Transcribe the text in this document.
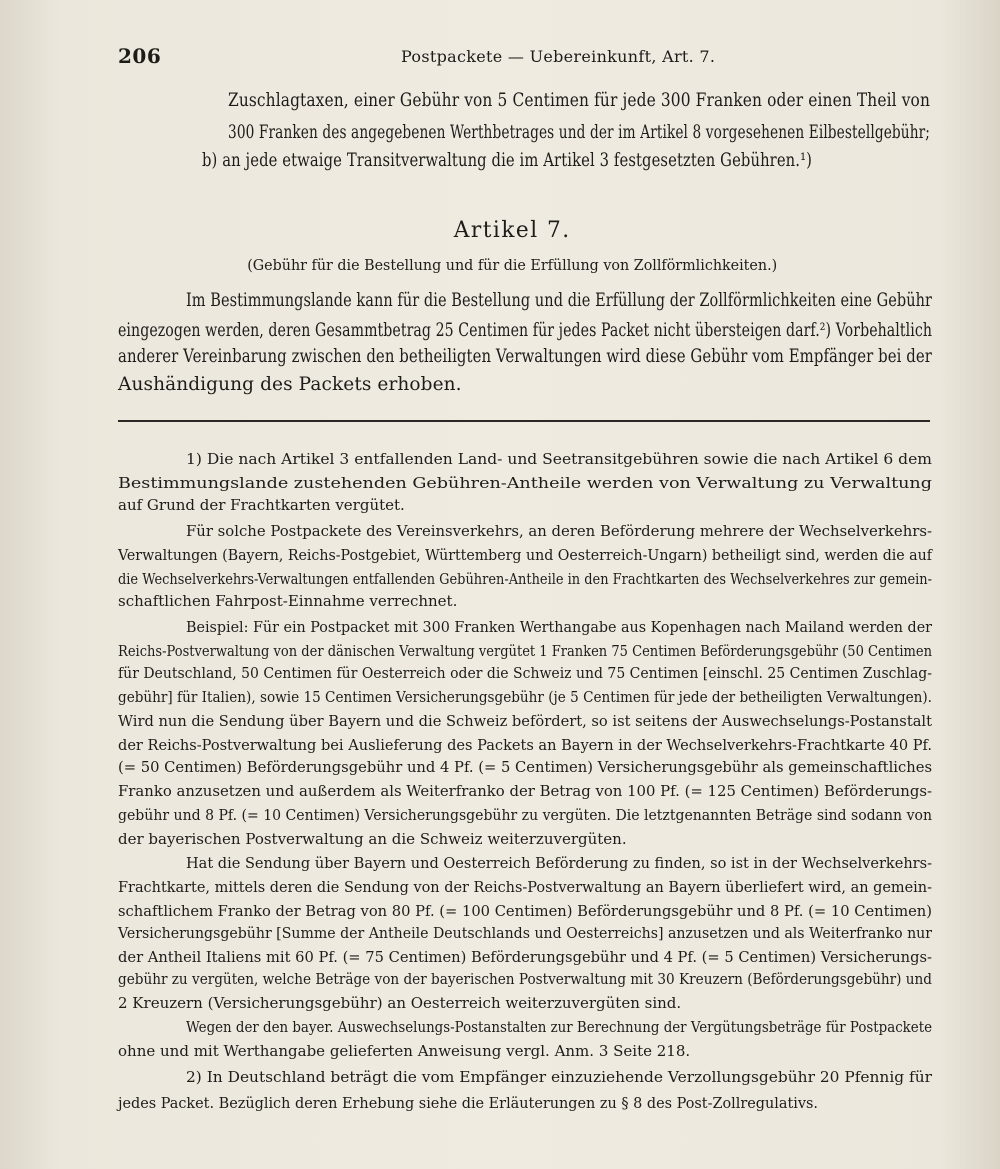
206	Postpackete — Uebereinkunft, Art. 7.

Zuschlagtaxen, einer Gebühr von 5 Centimen für jede 300 Franken oder einen Theil von

300 Franken des angegebenen Werthbetrages und der im Artikel 8 vorgesehenen Eilbestellgebühr;

b) an jede etwaige Transitverwaltung die im Artikel 3 festgesetzten Gebühren.¹)

Artikel 7.

(Gebühr für die Bestellung und für die Erfüllung von Zollförmlichkeiten.)

Im Bestimmungslande kann für die Bestellung und die Erfüllung der Zollförmlichkeiten eine Gebühr

eingezogen werden, deren Gesammtbetrag 25 Centimen für jedes Packet nicht übersteigen darf.²) Vorbehaltlich

anderer Vereinbarung zwischen den betheiligten Verwaltungen wird diese Gebühr vom Empfänger bei der

Aushändigung des Packets erhoben.

1) Die nach Artikel 3 entfallenden Land- und Seetransitgebühren sowie die nach Artikel 6 dem

Bestimmungslande zustehenden Gebühren-Antheile werden von Verwaltung zu Verwaltung

auf Grund der Frachtkarten vergütet.

Für solche Postpackete des Vereinsverkehrs, an deren Beförderung mehrere der Wechselverkehrs-

Verwaltungen (Bayern, Reichs-Postgebiet, Württemberg und Oesterreich-Ungarn) betheiligt sind, werden die auf

die Wechselverkehrs-Verwaltungen entfallenden Gebühren-Antheile in den Frachtkarten des Wechselverkehres zur gemein-

schaftlichen Fahrpost-Einnahme verrechnet.

Beispiel: Für ein Postpacket mit 300 Franken Werthangabe aus Kopenhagen nach Mailand werden der

Reichs-Postverwaltung von der dänischen Verwaltung vergütet 1 Franken 75 Centimen Beförderungsgebühr (50 Centimen

für Deutschland, 50 Centimen für Oesterreich oder die Schweiz und 75 Centimen [einschl. 25 Centimen Zuschlag-

gebühr] für Italien), sowie 15 Centimen Versicherungsgebühr (je 5 Centimen für jede der betheiligten Verwaltungen).

Wird nun die Sendung über Bayern und die Schweiz befördert, so ist seitens der Auswechselungs-Postanstalt

der Reichs-Postverwaltung bei Auslieferung des Packets an Bayern in der Wechselverkehrs-Frachtkarte 40 Pf.

(= 50 Centimen) Beförderungsgebühr und 4 Pf. (= 5 Centimen) Versicherungsgebühr als gemeinschaftliches

Franko anzusetzen und außerdem als Weiterfranko der Betrag von 100 Pf. (= 125 Centimen) Beförderungs-

gebühr und 8 Pf. (= 10 Centimen) Versicherungsgebühr zu vergüten. Die letztgenannten Beträge sind sodann von

der bayerischen Postverwaltung an die Schweiz weiterzuvergüten.

Hat die Sendung über Bayern und Oesterreich Beförderung zu finden, so ist in der Wechselverkehrs-

Frachtkarte, mittels deren die Sendung von der Reichs-Postverwaltung an Bayern überliefert wird, an gemein-

schaftlichem Franko der Betrag von 80 Pf. (= 100 Centimen) Beförderungsgebühr und 8 Pf. (= 10 Centimen)

Versicherungsgebühr [Summe der Antheile Deutschlands und Oesterreichs] anzusetzen und als Weiterfranko nur

der Antheil Italiens mit 60 Pf. (= 75 Centimen) Beförderungsgebühr und 4 Pf. (= 5 Centimen) Versicherungs-

gebühr zu vergüten, welche Beträge von der bayerischen Postverwaltung mit 30 Kreuzern (Beförderungsgebühr) und

2 Kreuzern (Versicherungsgebühr) an Oesterreich weiterzuvergüten sind.

Wegen der den bayer. Auswechselungs-Postanstalten zur Berechnung der Vergütungsbeträge für Postpackete

ohne und mit Werthangabe gelieferten Anweisung vergl. Anm. 3 Seite 218.

2) In Deutschland beträgt die vom Empfänger einzuziehende Verzollungsgebühr 20 Pfennig für

jedes Packet. Bezüglich deren Erhebung siehe die Erläuterungen zu § 8 des Post-Zollregulativs.
